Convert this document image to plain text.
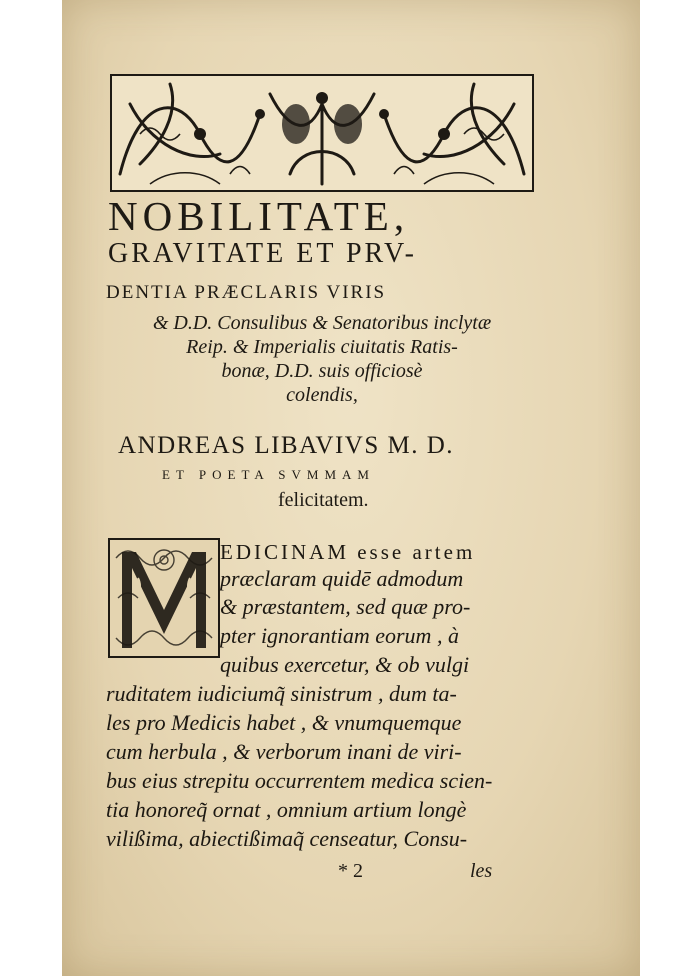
NOBILITATE,
GRAVITATE ET PRV-
DENTIA PRÆCLARIS VIRIS
& D.D. Consulibus & Senatoribus inclytæ
Reip. & Imperialis ciuitatis Ratis-
bonæ, D.D. suis officiosè
colendis,
ANDREAS LIBAVIVS M. D.
ET POETA SVMMAM
felicitatem.
EDICINAM esse artem
præclaram quidē admodum
& præstantem, sed quæ pro-
pter ignorantiam eorum , à
quibus exercetur, & ob vulgi
ruditatem iudiciumq̃ sinistrum , dum ta-
les pro Medicis habet , & vnumquemque
cum herbula , & verborum inani de viri-
bus eius strepitu occurrentem medica scien-
tia honoreq̃ ornat , omnium artium longè
vilißima, abiectißimaq̃ censeatur, Consu-
* 2	les
